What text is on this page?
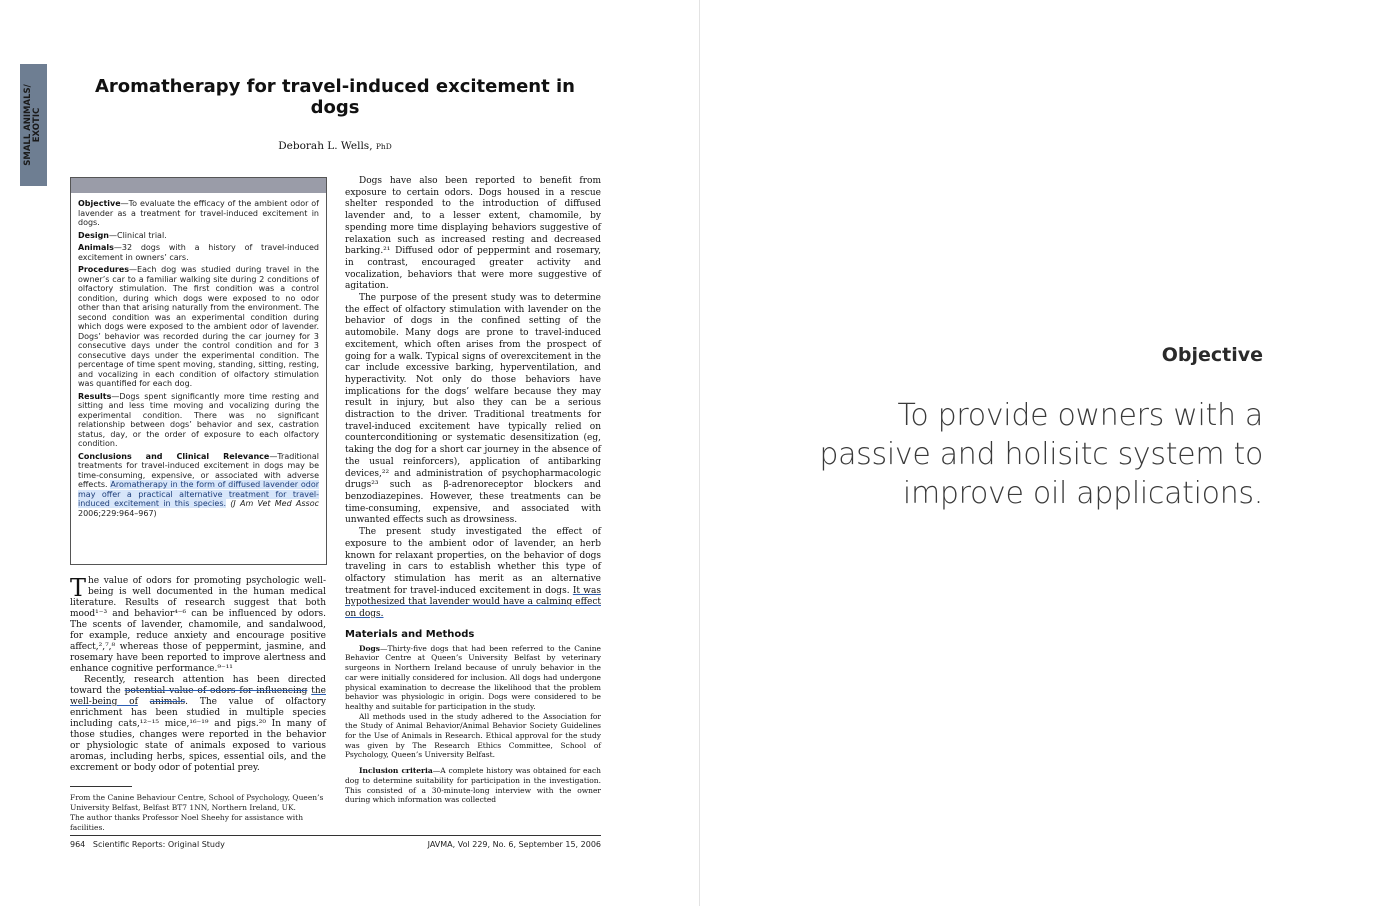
SMALL ANIMALS/
EXOTIC
Aromatherapy for travel-induced excitement in dogs
Deborah L. Wells, PhD

Objective—To evaluate the efficacy of the ambient odor of lavender as a treatment for travel-induced excitement in dogs.

Design—Clinical trial.

Animals—32 dogs with a history of travel-induced excitement in owners’ cars.

Procedures—Each dog was studied during travel in the owner’s car to a familiar walking site during 2 conditions of olfactory stimulation. The first condition was a control condition, during which dogs were exposed to no odor other than that arising naturally from the environment. The second condition was an experimental condition during which dogs were exposed to the ambient odor of lavender. Dogs’ behavior was recorded during the car journey for 3 consecutive days under the control condition and for 3 consecutive days under the experimental condition. The percentage of time spent moving, standing, sitting, resting, and vocalizing in each condition of olfactory stimulation was quantified for each dog.

Results—Dogs spent significantly more time resting and sitting and less time moving and vocalizing during the experimental condition. There was no significant relationship between dogs’ behavior and sex, castration status, day, or the order of exposure to each olfactory condition.

Conclusions and Clinical Relevance—Traditional treatments for travel-induced excitement in dogs may be time-consuming, expensive, or associated with adverse effects. Aromatherapy in the form of diffused lavender odor may offer a practical alternative treatment for travel-induced excitement in this species. (J Am Vet Med Assoc 2006;229:964–967)

The value of odors for promoting psychologic well-being is well documented in the human medical literature. Results of research suggest that both mood¹⁻³ and behavior⁴⁻⁶ can be influenced by odors. The scents of lavender, chamomile, and sandalwood, for example, reduce anxiety and encourage positive affect,²,⁷,⁸ whereas those of peppermint, jasmine, and rosemary have been reported to improve alertness and enhance cognitive performance.⁹⁻¹¹

Recently, research attention has been directed toward the potential value of odors for influencing the well-being of animals. The value of olfactory enrichment has been studied in multiple species including cats,¹²⁻¹⁵ mice,¹⁶⁻¹⁹ and pigs.²⁰ In many of those studies, changes were reported in the behavior or physiologic state of animals exposed to various aromas, including herbs, spices, essential oils, and the excrement or body odor of potential prey.

From the Canine Behaviour Centre, School of Psychology, Queen’s University Belfast, Belfast BT7 1NN, Northern Ireland, UK.

The author thanks Professor Noel Sheehy for assistance with facilities.

Dogs have also been reported to benefit from exposure to certain odors. Dogs housed in a rescue shelter responded to the introduction of diffused lavender and, to a lesser extent, chamomile, by spending more time displaying behaviors suggestive of relaxation such as increased resting and decreased barking.²¹ Diffused odor of peppermint and rosemary, in contrast, encouraged greater activity and vocalization, behaviors that were more suggestive of agitation.

The purpose of the present study was to determine the effect of olfactory stimulation with lavender on the behavior of dogs in the confined setting of the automobile. Many dogs are prone to travel-induced excitement, which often arises from the prospect of going for a walk. Typical signs of overexcitement in the car include excessive barking, hyperventilation, and hyperactivity. Not only do those behaviors have implications for the dogs’ welfare because they may result in injury, but also they can be a serious distraction to the driver. Traditional treatments for travel-induced excitement have typically relied on counterconditioning or systematic desensitization (eg, taking the dog for a short car journey in the absence of the usual reinforcers), application of antibarking devices,²² and administration of psychopharmacologic drugs²³ such as β-adrenoreceptor blockers and benzodiazepines. However, these treatments can be time-consuming, expensive, and associated with unwanted effects such as drowsiness.

The present study investigated the effect of exposure to the ambient odor of lavender, an herb known for relaxant properties, on the behavior of dogs traveling in cars to establish whether this type of olfactory stimulation has merit as an alternative treatment for travel-induced excitement in dogs. It was hypothesized that lavender would have a calming effect on dogs.

Materials and Methods

Dogs—Thirty-five dogs that had been referred to the Canine Behavior Centre at Queen’s University Belfast by veterinary surgeons in Northern Ireland because of unruly behavior in the car were initially considered for inclusion. All dogs had undergone physical examination to decrease the likelihood that the problem behavior was physiologic in origin. Dogs were considered to be healthy and suitable for participation in the study.

All methods used in the study adhered to the Association for the Study of Animal Behavior/Animal Behavior Society Guidelines for the Use of Animals in Research. Ethical approval for the study was given by The Research Ethics Committee, School of Psychology, Queen’s University Belfast.

Inclusion criteria—A complete history was obtained for each dog to determine suitability for participation in the investigation. This consisted of a 30-minute-long interview with the owner during which information was collected

964   Scientific Reports: Original Study	JAVMA, Vol 229, No. 6, September 15, 2006
Objective

To provide owners with a passive and holisitc system to improve oil applications.
